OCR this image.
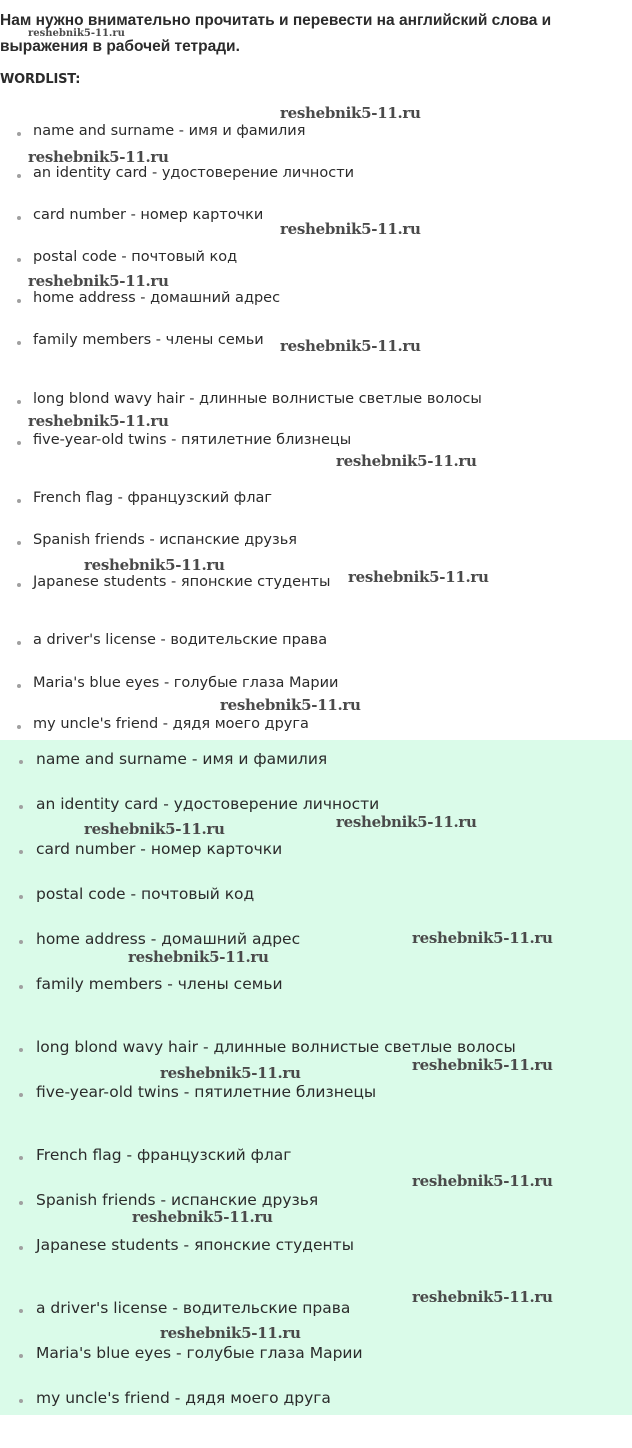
Нам нужно внимательно прочитать и перевести на английский слова и
выражения в рабочей тетради.
reshebnik5-11.ru
WORDLIST:
name and surname - имя и фамилия
an identity card - удостоверение личности
card number - номер карточки
postal code - почтовый код
home address - домашний адрес
family members - члены семьи
long blond wavy hair - длинные волнистые светлые волосы
five-year-old twins - пятилетние близнецы
French flag - французский флаг
Spanish friends - испанские друзья
Japanese students - японские студенты
a driver's license - водительские права
Maria's blue eyes - голубые глаза Марии
my uncle's friend - дядя моего друга
name and surname - имя и фамилия
an identity card - удостоверение личности
card number - номер карточки
postal code - почтовый код
home address - домашний адрес
family members - члены семьи
long blond wavy hair - длинные волнистые светлые волосы
five-year-old twins - пятилетние близнецы
French flag - французский флаг
Spanish friends - испанские друзья
Japanese students - японские студенты
a driver's license - водительские права
Maria's blue eyes - голубые глаза Марии
my uncle's friend - дядя моего друга
reshebnik5-11.ru
reshebnik5-11.ru
reshebnik5-11.ru
reshebnik5-11.ru
reshebnik5-11.ru
reshebnik5-11.ru
reshebnik5-11.ru
reshebnik5-11.ru
reshebnik5-11.ru
reshebnik5-11.ru
reshebnik5-11.ru
reshebnik5-11.ru
reshebnik5-11.ru
reshebnik5-11.ru
reshebnik5-11.ru
reshebnik5-11.ru
reshebnik5-11.ru
reshebnik5-11.ru
reshebnik5-11.ru
reshebnik5-11.ru
